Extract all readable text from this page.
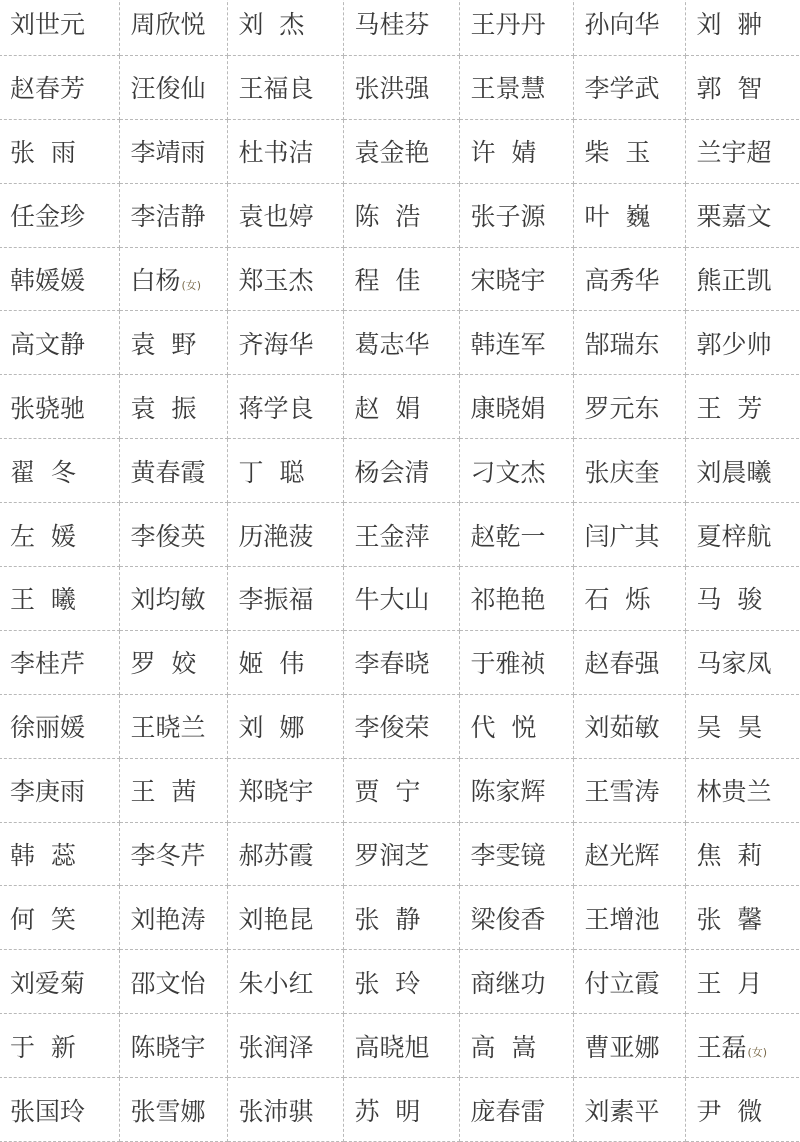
刘世元	周欣悦	刘  杰	马桂芬	王丹丹	孙向华	刘  翀
赵春芳	汪俊仙	王福良	张洪强	王景慧	李学武	郭  智
张  雨	李靖雨	杜书洁	袁金艳	许  婧	柴  玉	兰宇超
任金珍	李洁静	袁也婷	陈  浩	张子源	叶  巍	栗嘉文
韩媛媛	白杨(女)	郑玉杰	程  佳	宋晓宇	高秀华	熊正凯
高文静	袁  野	齐海华	葛志华	韩连军	郜瑞东	郭少帅
张骁驰	袁  振	蒋学良	赵  娟	康晓娟	罗元东	王  芳
翟  冬	黄春霞	丁  聪	杨会清	刁文杰	张庆奎	刘晨曦
左  媛	李俊英	历滟菠	王金萍	赵乾一	闫广其	夏梓航
王  曦	刘均敏	李振福	牛大山	祁艳艳	石  烁	马  骏
李桂芹	罗  姣	姬  伟	李春晓	于雅祯	赵春强	马家凤
徐丽媛	王晓兰	刘  娜	李俊荣	代  悦	刘茹敏	吴  昊
李庚雨	王  茜	郑晓宇	贾  宁	陈家辉	王雪涛	林贵兰
韩  蕊	李冬芹	郝苏霞	罗润芝	李雯镜	赵光辉	焦  莉
何  笑	刘艳涛	刘艳昆	张  静	梁俊香	王增池	张  馨
刘爱菊	邵文怡	朱小红	张  玲	商继功	付立霞	王  月
于  新	陈晓宇	张润泽	高晓旭	高  嵩	曹亚娜	王磊(女)
张国玲	张雪娜	张沛骐	苏  明	庞春雷	刘素平	尹  微
